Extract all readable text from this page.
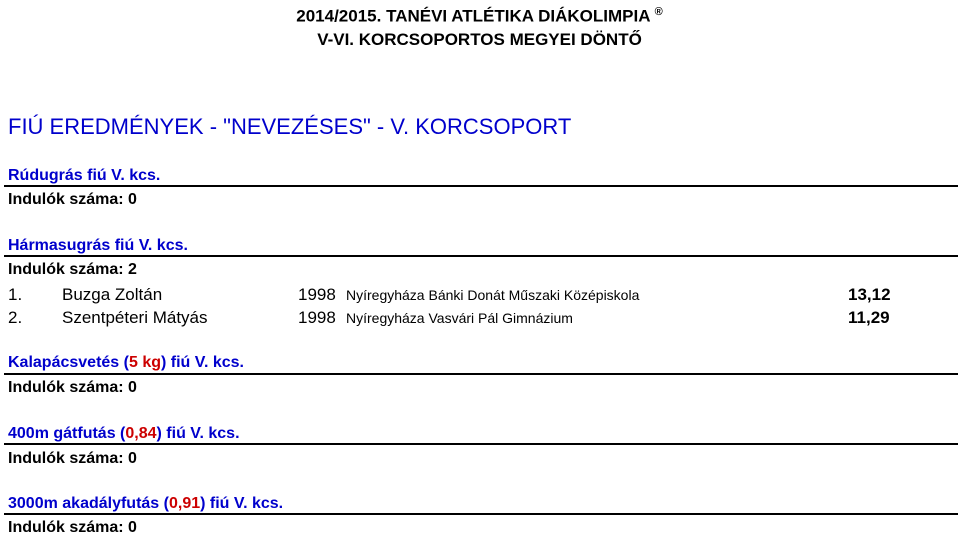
2014/2015. TANÉVI ATLÉTIKA DIÁKOLIMPIA ®
V-VI. KORCSOPORTOS MEGYEI DÖNTŐ
FIÚ EREDMÉNYEK - "NEVEZÉSES" - V. KORCSOPORT
Rúdugrás fiú V. kcs.
Indulók száma: 0
Hármasugrás fiú V. kcs.
Indulók száma: 2
1. Buzga Zoltán	1998 Nyíregyháza Bánki Donát Műszaki Középiskola	13,12
2. Szentpéteri Mátyás	1998 Nyíregyháza Vasvári Pál Gimnázium	11,29
Kalapácsvetés (5 kg) fiú V. kcs.
Indulók száma: 0
400m gátfutás (0,84) fiú V. kcs.
Indulók száma: 0
3000m akadályfutás (0,91) fiú V. kcs.
Indulók száma: 0
